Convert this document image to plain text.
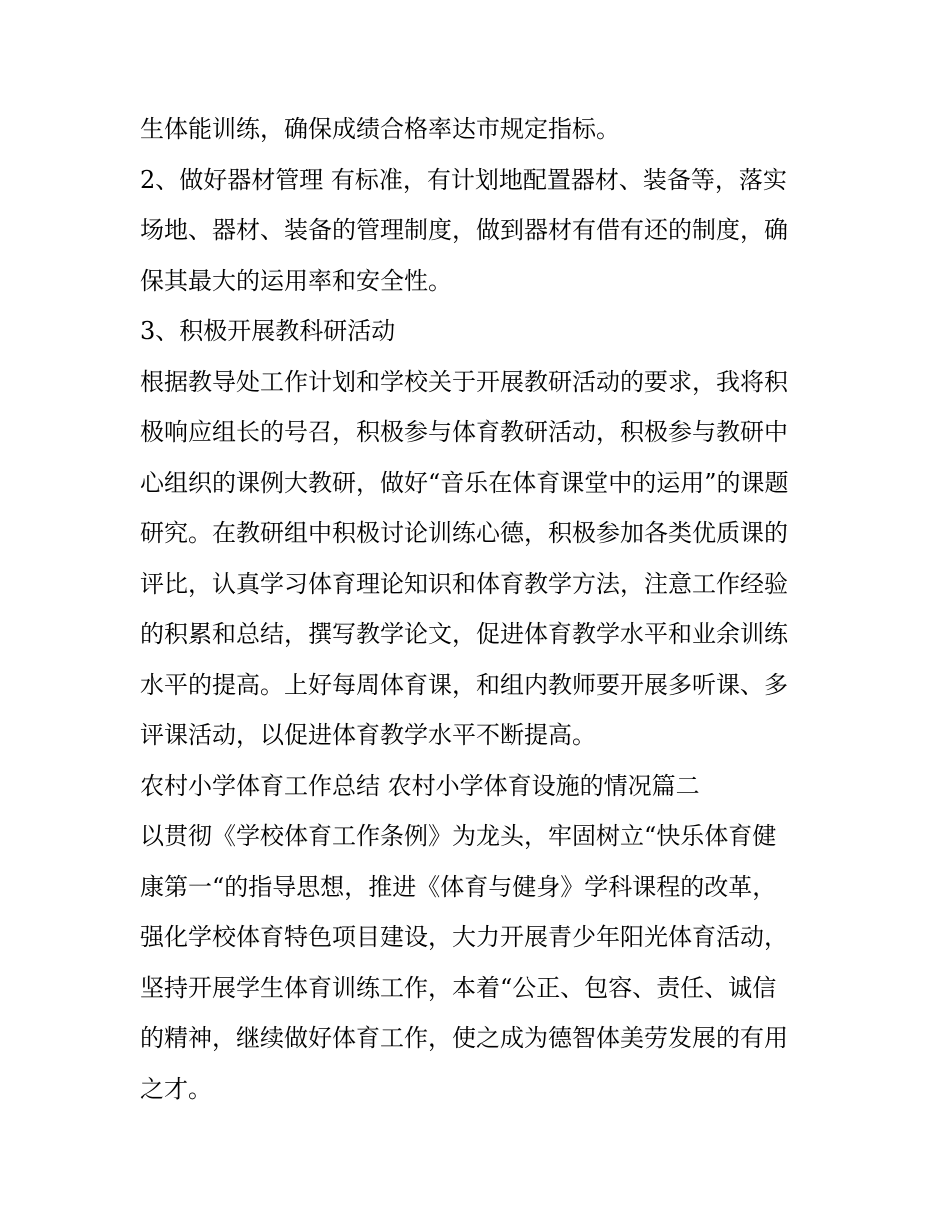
生体能训练，确保成绩合格率达市规定指标。
2、做好器材管理 有标准，有计划地配置器材、装备等，落实
场地、器材、装备的管理制度，做到器材有借有还的制度，确
保其最大的运用率和安全性。
3、积极开展教科研活动
根据教导处工作计划和学校关于开展教研活动的要求，我将积
极响应组长的号召，积极参与体育教研活动，积极参与教研中
心组织的课例大教研，做好“音乐在体育课堂中的运用”的课题
研究。在教研组中积极讨论训练心德，积极参加各类优质课的
评比，认真学习体育理论知识和体育教学方法，注意工作经验
的积累和总结，撰写教学论文，促进体育教学水平和业余训练
水平的提高。上好每周体育课，和组内教师要开展多听课、多
评课活动，以促进体育教学水平不断提高。
农村小学体育工作总结 农村小学体育设施的情况篇二
以贯彻《学校体育工作条例》为龙头，牢固树立“快乐体育健
康第一“的指导思想，推进《体育与健身》学科课程的改革，
强化学校体育特色项目建设，大力开展青少年阳光体育活动，
坚持开展学生体育训练工作，本着“公正、包容、责任、诚信
的精神，继续做好体育工作，使之成为德智体美劳发展的有用
之才。
